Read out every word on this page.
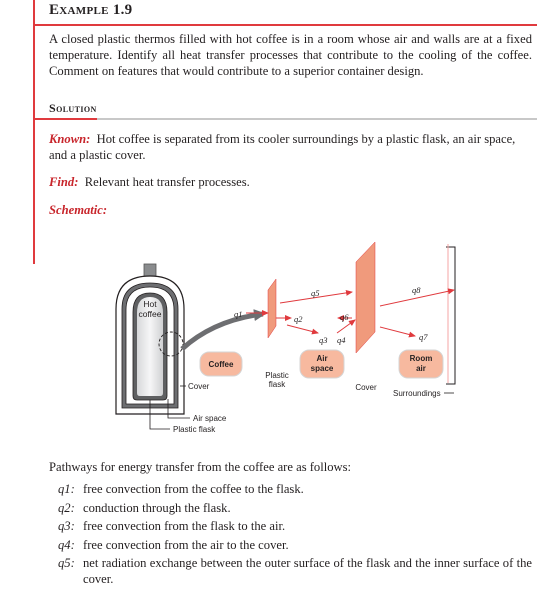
Example 1.9

A closed plastic thermos filled with hot coffee is in a room whose air and walls are at a fixed temperature. Identify all heat transfer processes that contribute to the cooling of the coffee. Comment on features that would contribute to a superior container design.

Solution

Known: Hot coffee is separated from its cooler surroundings by a plastic flask, an air space, and a plastic cover.

Find: Relevant heat transfer processes.

Schematic:

Hot
coffee
Cover
Air space
Plastic flask
Coffee
Air
space
Room
air
Plastic
flask	Cover
Surroundings
q1	q2
q3 q4
q5
q6
q7
q8

Pathways for energy transfer from the coffee are as follows:

q1: free convection from the coffee to the flask.
q2: conduction through the flask.
q3: free convection from the flask to the air.
q4: free convection from the air to the cover.
q5: net radiation exchange between the outer surface of the flask and the inner surface of the cover.
